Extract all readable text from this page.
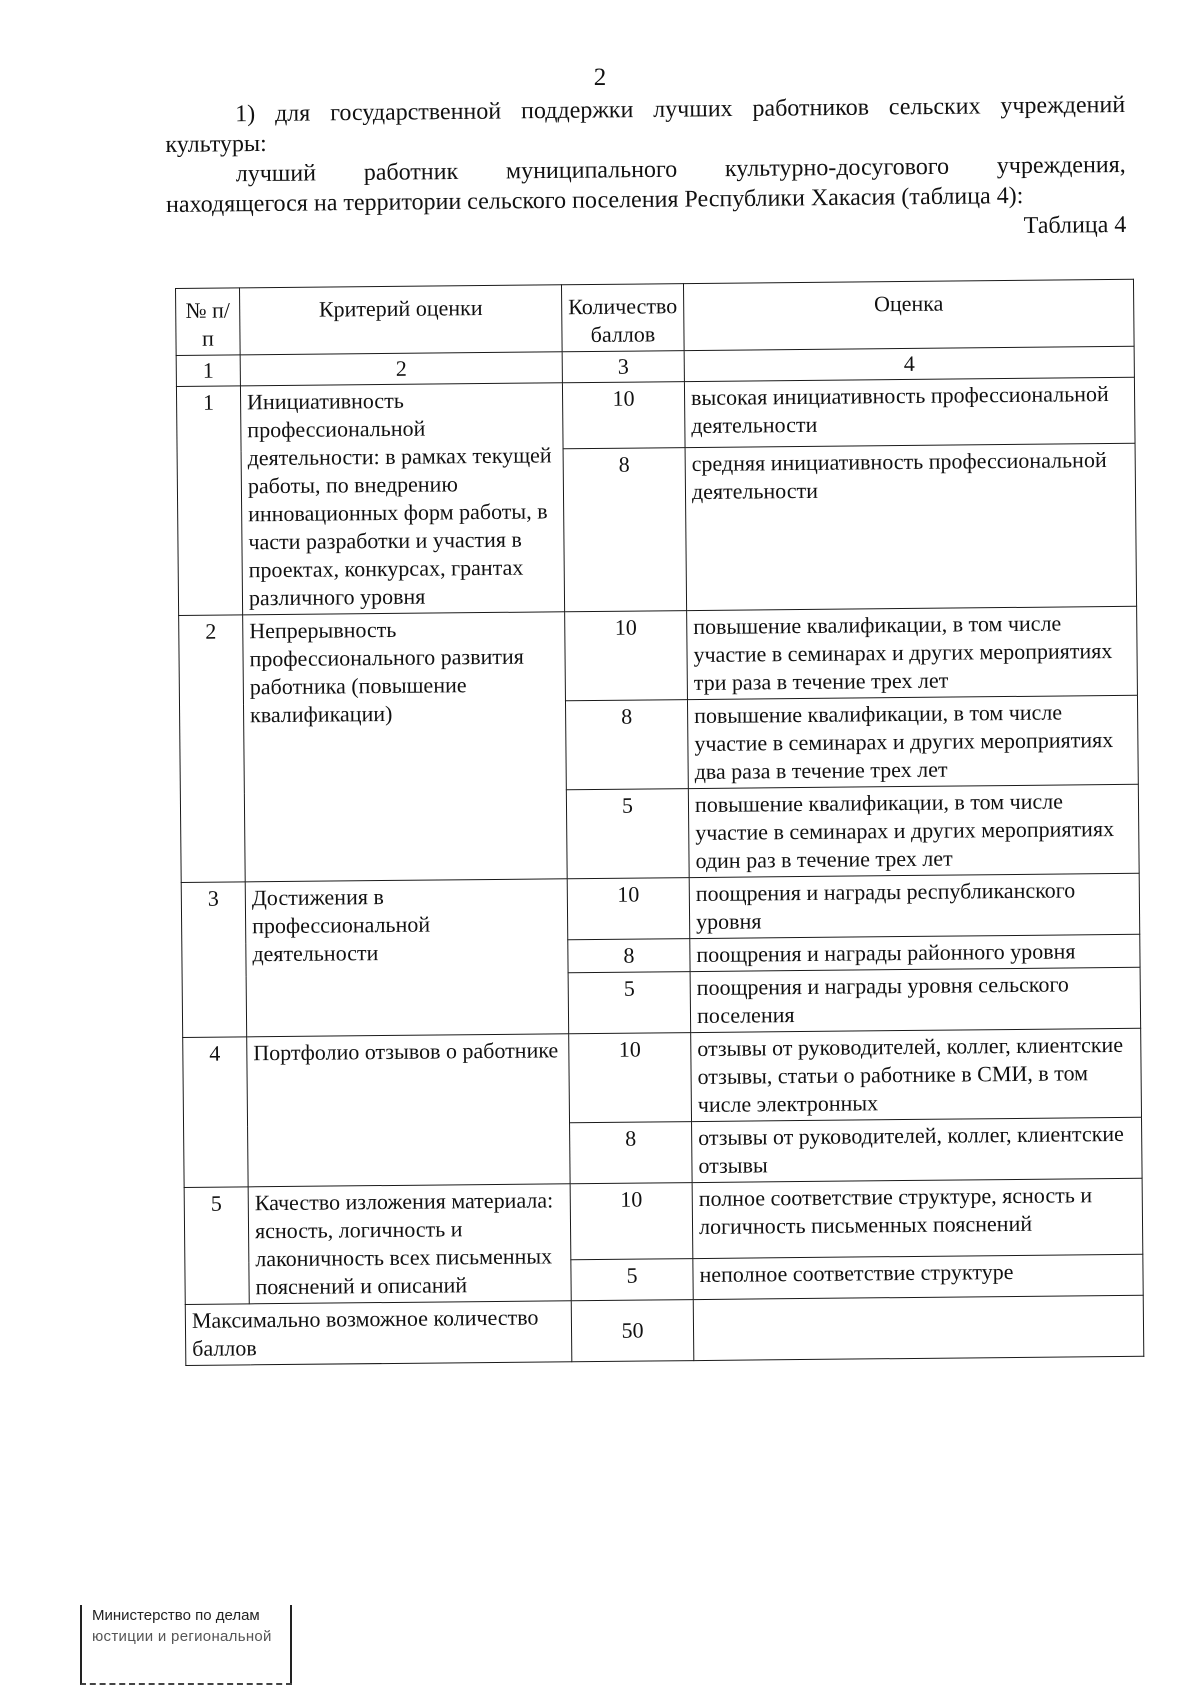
2

1) для государственной поддержки лучших работников сельских учреждений

культуры:

лучший работник муниципального культурно-досугового учреждения,

находящегося на территории сельского поселения Республики Хакасия (таблица 4):

Таблица 4

№ п/п	Критерий оценки	Количество баллов	Оценка
1	2	3	4
1	Инициативность профессиональной деятельности: в рамках текущей работы, по внедрению инновационных форм работы, в части разработки и участия в проектах, конкурсах, грантах различного уровня	10	высокая инициативность профессиональной деятельности
		8	средняя инициативность профессиональной деятельности
2	Непрерывность профессионального развития работника (повышение квалификации)	10	повышение квалификации, в том числе участие в семинарах и других мероприятиях три раза в течение трех лет
		8	повышение квалификации, в том числе участие в семинарах и других мероприятиях два раза в течение трех лет
		5	повышение квалификации, в том числе участие в семинарах и других мероприятиях один раз в течение трех лет
3	Достижения в профессиональной деятельности	10	поощрения и награды республиканского уровня
		8	поощрения и награды районного уровня
		5	поощрения и награды уровня сельского поселения
4	Портфолио отзывов о работнике	10	отзывы от руководителей, коллег, клиентские отзывы, статьи о работнике в СМИ, в том числе электронных
		8	отзывы от руководителей, коллег, клиентские отзывы
5	Качество изложения материала: ясность, логичность и лаконичность всех письменных пояснений и описаний	10	полное соответствие структуре, ясность и логичность письменных пояснений
		5	неполное соответствие структуре
Максимально возможное количество баллов		50	
Министерство по делам
юстиции и региональной
